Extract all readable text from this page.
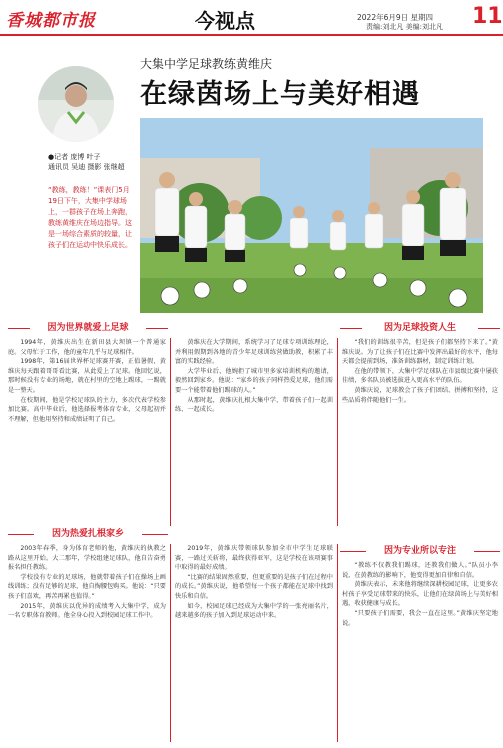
香城都市报	今视点	2022年6月9日 星期四
责编:刘北凡 美编:刘北凡 11
●记者 庞博 叶子
通讯员 吴迪 摄影 张继超
“教练，教练！”课表门5月19日下午，大集中学球场上，一群孩子在场上奔跑，教练黄维庆在场边指导。这是一场综合素质的较量，让孩子们在运动中快乐成长。
大集中学足球教练黄维庆
在绿茵场上与美好相遇
因为世界就爱上足球	因为足球投资人生

1994年，黄维庆出生在新田县大坝镇一个普通家庭。父母忙于工作，他的童年几乎与足球相伴。

1998年，第16届世界杯足球赛开赛，正值暑假，黄维庆每天跟着哥哥看比赛，从此爱上了足球。他回忆说，那时候没有专业的场地，就在村里的空地上踢球，一踢就是一整天。

在校期间，他是学校足球队的主力，多次代表学校参加比赛。高中毕业后，他选择报考体育专业，父母起初并不理解，但他用坚持和成绩证明了自己。

黄维庆在大学期间，系统学习了足球专项训练理论，并利用假期到各地的青少年足球训练营做助教，积累了丰富的实践经验。

大学毕业后，他婉拒了城市里多家培训机构的邀请，毅然回到家乡。他说：“家乡的孩子同样热爱足球，他们需要一个能带着他们踢球的人。”

从那时起，黄维庆扎根大集中学，带着孩子们一起训练、一起成长。

“我们的训练很辛苦，但是孩子们都坚持下来了。”黄维庆说。为了让孩子们在比赛中发挥出最好的水平，他每天都会提前到场，准备训练器材，制定训练计划。

在他的带领下，大集中学足球队在市县级比赛中屡获佳绩，多名队员被选拔进入更高水平的队伍。

黄维庆说，足球教会了孩子们团结、拼搏和坚持，这些品质将伴随他们一生。

因为热爱扎根家乡
因为专业所以专注

2003年春季，身为体育老师的他，黄维庆的执教之路从这里开始。大二那年，学校组建足球队，他自告奋勇报名担任教练。

学校没有专业的足球场，他就带着孩子们在操场上画线训练；没有足够的足球，他自掏腰包购买。他说：“只要孩子们喜欢，再苦再累也值得。”

2015年，黄维庆以优异的成绩考入大集中学，成为一名专职体育教师。他全身心投入到校园足球工作中。

2019年，黄维庆带领球队参加全市中学生足球联赛，一路过关斩将，最终获得亚军，这是学校在该项赛事中取得的最好成绩。

“比赛的结果固然重要，但更重要的是孩子们在过程中的成长。”黄维庆说，他希望每一个孩子都能在足球中找到快乐和自信。

如今，校园足球已经成为大集中学的一张亮丽名片，越来越多的孩子加入到足球运动中来。

“教练不仅教我们踢球，还教我们做人。”队员小李说，在黄教练的影响下，他变得更加自律和自信。

黄维庆表示，未来他将继续深耕校园足球，让更多农村孩子享受足球带来的快乐，让他们在绿茵场上与美好相遇，收获健康与成长。

“只要孩子们需要，我会一直在这里。”黄维庆坚定地说。
